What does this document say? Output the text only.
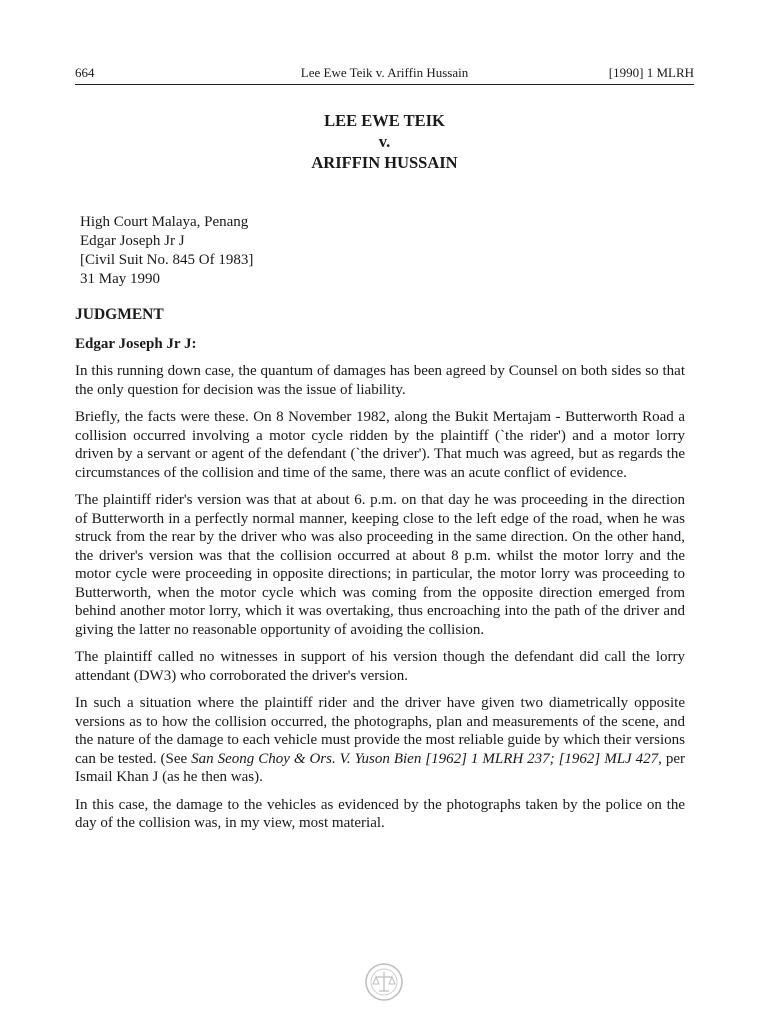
664	Lee Ewe Teik v. Ariffin Hussain	[1990] 1 MLRH
LEE EWE TEIK
v.
ARIFFIN HUSSAIN
High Court Malaya, Penang
Edgar Joseph Jr J
[Civil Suit No. 845 Of 1983]
31 May 1990
JUDGMENT
Edgar Joseph Jr J:

In this running down case, the quantum of damages has been agreed by Counsel on both sides so that the only question for decision was the issue of liability.

Briefly, the facts were these. On 8 November 1982, along the Bukit Mertajam - Butterworth Road a collision occurred involving a motor cycle ridden by the plaintiff (`the rider') and a motor lorry driven by a servant or agent of the defendant (`the driver'). That much was agreed, but as regards the circumstances of the collision and time of the same, there was an acute conflict of evidence.

The plaintiff rider's version was that at about 6. p.m. on that day he was proceeding in the direction of Butterworth in a perfectly normal manner, keeping close to the left edge of the road, when he was struck from the rear by the driver who was also proceeding in the same direction. On the other hand, the driver's version was that the collision occurred at about 8 p.m. whilst the motor lorry and the motor cycle were proceeding in opposite directions; in particular, the motor lorry was proceeding to Butterworth, when the motor cycle which was coming from the opposite direction emerged from behind another motor lorry, which it was overtaking, thus encroaching into the path of the driver and giving the latter no reasonable opportunity of avoiding the collision.

The plaintiff called no witnesses in support of his version though the defendant did call the lorry attendant (DW3) who corroborated the driver's version.

In such a situation where the plaintiff rider and the driver have given two diametrically opposite versions as to how the collision occurred, the photographs, plan and measurements of the scene, and the nature of the damage to each vehicle must provide the most reliable guide by which their versions can be tested. (See San Seong Choy & Ors. V. Yuson Bien [1962] 1 MLRH 237; [1962] MLJ 427, per Ismail Khan J (as he then was).

In this case, the damage to the vehicles as evidenced by the photographs taken by the police on the day of the collision was, in my view, most material.
